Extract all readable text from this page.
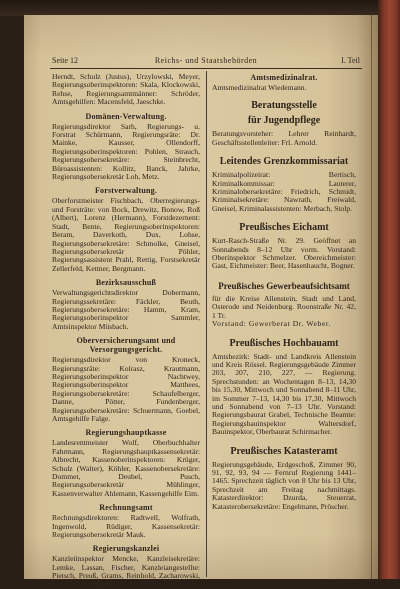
Seite 12	Reichs- und Staatsbehörden	I. Teil

Herndt, Schulz (Justus), Urzylowski, Meyer, Regierungsoberinspektoren: Skala, Klockowski, Rehse, Regierungsamtmänner: Schröder, Amtsgehilfen: Macensfeld, Jaeschke.

Domänen-Verwaltung.

Regierungsdirektor Sarh, Regierungs- u. Forstrat Schürmann, Regierungsräte: Dr. Mainke, Kausser, Ollendorff, Regierungsoberinspektoren: Pohlen, Strauch, Regierungsobersekretäre: Steinbrecht, Büroassistenten: Kollitz, Banck, Jahrke, Regierungsobersekretär Loh, Metz.

Forstverwaltung.

Oberforstmeister Fischbach, Oberregierungs- und Forsträte: von Bock, Drewitz, Bonow, Roß (Albert), Lorenz (Hermann), Forstdezernent: Stadt, Bente, Regierungsoberinspektoren: Beram, Daverkoth, Dux, Lohse, Regierungsobersekretäre: Schmolke, Gneisel, Regierungsobersekretär Pöhler, Regierungsassistent Prahl, Rettig, Forstsekretär Zellerfeld, Kettner, Bergmann.

Bezirksausschuß

Verwaltungsgerichtsdirektor Dobermann, Regierungssekretäre: Fäckler, Beuth, Regierungsobersekretäre: Hamm, Kram, Regierungsoberinspektor Sammler, Amtsinspektor Müsbach.

Oberversicherungsamt und Versorgungsgericht.

Regierungsdirektor von Kroneck, Regierungsräte: Kolrasz, Krautmann, Regierungsoberinspektor Nachtwey, Regierungsoberinspektor Matthees, Regierungsobersekretäre: Schaufelberger, Danne, Pötter, Fundenberger, Regierungsobersekretäre: Schuermann, Goebel, Amtsgehilfe Falge.

Regierungshauptkasse

Landesrentmeister Wolf, Oberbuchhalter Fahrmann, Regierungshauptkassensekretär: Albrecht, Kassenoberinspektoren: Krüger, Schulz (Walter), Köhler, Kassenobersekretäre: Dommet, Deubel, Pusch, Regierungsobersekretär Mühlinger, Kassenverwalter Ahlemann, Kassengehilfe Eim.

Rechnungsamt

Rechnungsdirektoren: Radtwell, Wolfrath, Ingenwold, Rüdiger, Kassensekretär: Regierungsobersekretär Mauk.

Regierungskanzlei

Kanzleiinspektor Mencke, Kanzleisekretäre: Lemke, Lassan, Fischer, Kanzleiangestellte: Pietsch, Preuß, Grams, Reinhold, Zacharowski, Goeschel, Langhans.

Amtsmedizinalrat.

Amtsmedizinalrat Wiedemann.

Beratungsstelle
für Jugendpflege

Beratungsvorsteher: Lehrer Reinhardt, Geschäftsstellenleiter: Frl. Arnold.

Leitendes Grenzkommissariat

Kriminalpolizeirat: Bertisch, Kriminalkommissar: Lauterer, Kriminalobersekretäre: Friedrich, Schmidt, Kriminalsekretäre: Nawrath, Freiwald, Gneisel, Kriminalassistenten: Merbach, Stolp.

Preußisches Eichamt

Kurt-Rasch-Straße Nr. 29. Geöffnet an Sonnabends 8–12 Uhr vorm. Vorstand: Oberinspektor Schmelzer. Obereichmeister: Gast, Eichmeister: Beer, Hasenhaucht, Bogner.

Preußisches Gewerbeaufsichtsamt

für die Kreise Allenstein, Stadt und Land, Osterode und Neidenburg. Roonstraße Nr. 42, 1 Tr.

Vorstand: Gewerberat Dr. Weber.

Preußisches Hochbauamt

Amtsbezirk: Stadt- und Landkreis Allenstein und Kreis Rössel. Regierungsgebäude Zimmer 203, 207, 210, 227, — Regierung. Sprechstunden: an Wochentagen 8–13, 14,30 bis 15,30, Mittwoch und Sonnabend 8–11 Uhr, im Sommer 7–13, 14,30 bis 17,30, Mittwoch und Sonnabend von 7–13 Uhr. Vorstand: Regierungsbaurat Grabel, Technische Beamte: Regierungsbauinspektor Waltersdorf, Bauinspektor, Oberbaurat Schirmacher.

Preußisches Katasteramt

Regierungsgebäude, Erdgeschoß, Zimmer 90, 91, 92, 93, 94 — Fernruf Regierung 1441–1465. Sprechzeit täglich von 8 Uhr bis 13 Uhr, Sprechzeit am Freitag nachmittags. Katasterdirektor: Dzurda, Steuerrat, Katasterobersekretäre: Engelmann, Pröscher.
